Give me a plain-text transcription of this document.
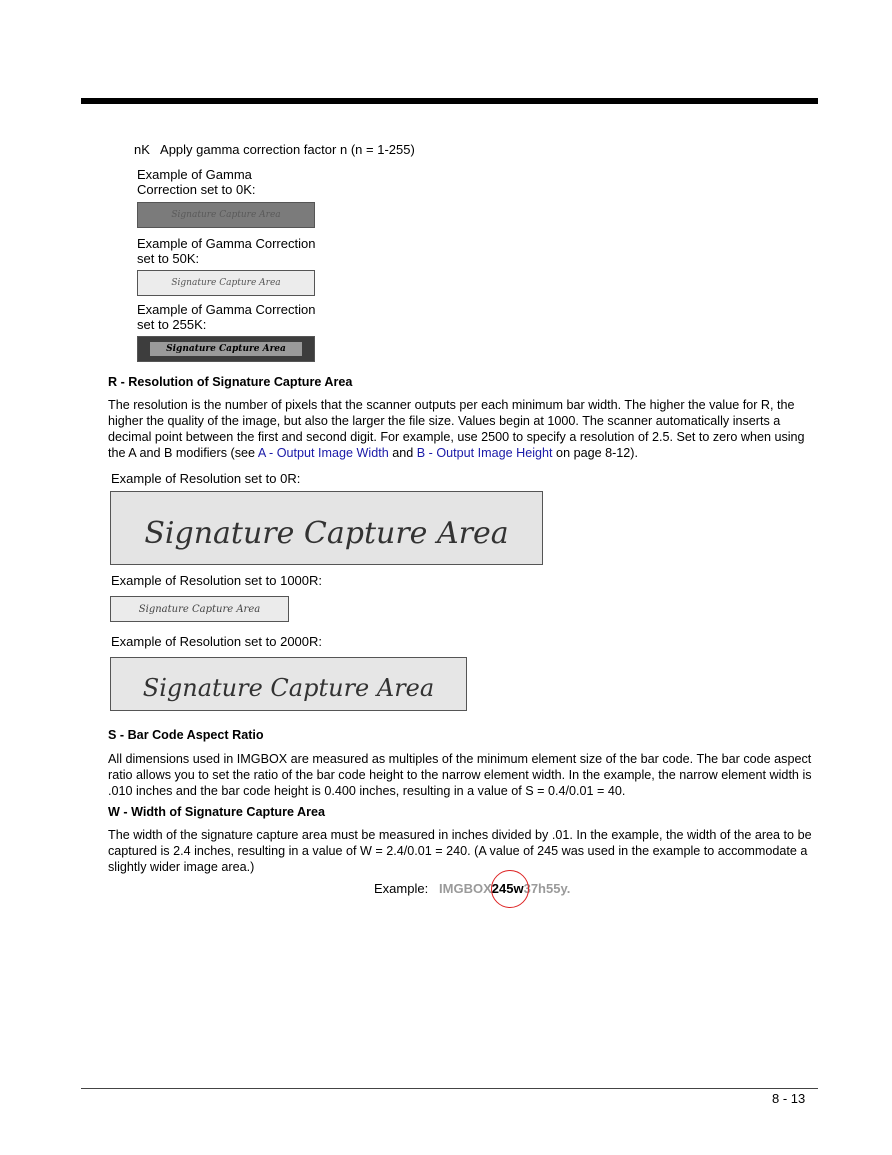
nK Apply gamma correction factor n (n = 1-255)
Example of Gamma
Correction set to 0K:
Signature Capture Area
Example of Gamma Correction
set to 50K:
Signature Capture Area
Example of Gamma Correction
set to 255K:
Signature Capture Area
R - Resolution of Signature Capture Area
The resolution is the number of pixels that the scanner outputs per each minimum bar width. The higher the value for R, the higher the quality of the image, but also the larger the file size. Values begin at 1000. The scanner automatically inserts a decimal point between the first and second digit. For example, use 2500 to specify a resolution of 2.5. Set to zero when using the A and B modifiers (see A - Output Image Width and B - Output Image Height on page 8-12).
Example of Resolution set to 0R:
Signature Capture Area
Example of Resolution set to 1000R:
Signature Capture Area
Example of Resolution set to 2000R:
Signature Capture Area
S - Bar Code Aspect Ratio
All dimensions used in IMGBOX are measured as multiples of the minimum element size of the bar code. The bar code aspect ratio allows you to set the ratio of the bar code height to the narrow element width. In the example, the narrow element width is .010 inches and the bar code height is 0.400 inches, resulting in a value of S = 0.4/0.01 = 40.
W - Width of Signature Capture Area
The width of the signature capture area must be measured in inches divided by .01. In the example, the width of the area to be captured is 2.4 inches, resulting in a value of W = 2.4/0.01 = 240. (A value of 245 was used in the example to accommodate a slightly wider image area.)
Example: IMGBOX245w37h55y.
8 - 13
